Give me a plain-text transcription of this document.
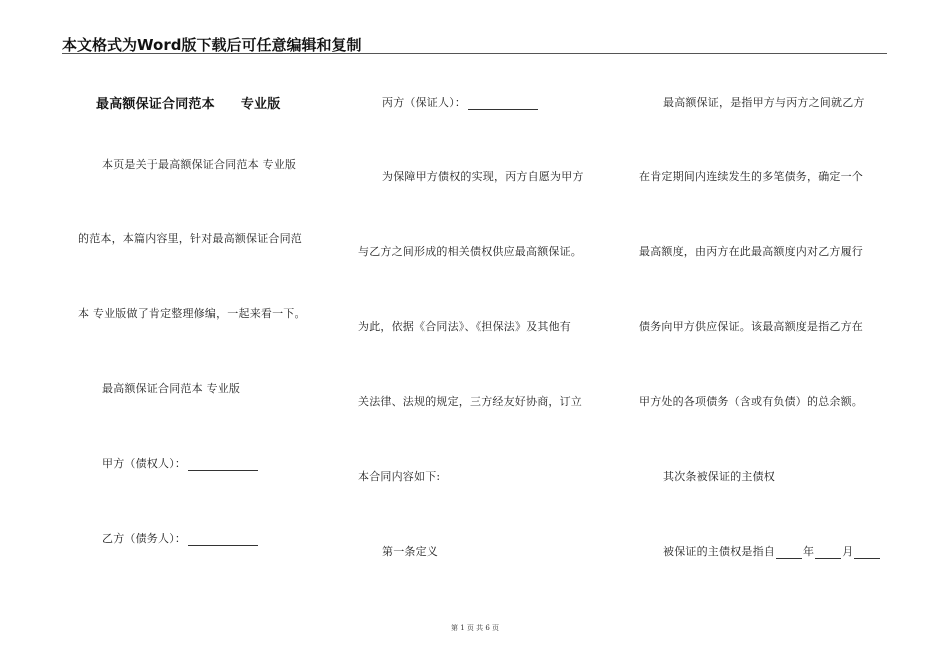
本文格式为Word版下载后可任意编辑和复制
最高额保证合同范本 专业版
本页是关于最高额保证合同范本 专业版
的范本，本篇内容里，针对最高额保证合同范
本 专业版做了肯定整理修编，一起来看一下。
最高额保证合同范本 专业版
甲方（债权人）：
乙方（债务人）：
丙方（保证人）：
为保障甲方债权的实现，丙方自愿为甲方
与乙方之间形成的相关债权供应最高额保证。
为此，依据《合同法》、《担保法》及其他有
关法律、法规的规定，三方经友好协商，订立
本合同内容如下:
第一条定义
最高额保证，是指甲方与丙方之间就乙方
在肯定期间内连续发生的多笔债务，确定一个
最高额度，由丙方在此最高额度内对乙方履行
债务向甲方供应保证。该最高额度是指乙方在
甲方处的各项债务（含或有负债）的总余额。
其次条被保证的主债权
被保证的主债权是指自	年	月
第 1 页 共 6 页
